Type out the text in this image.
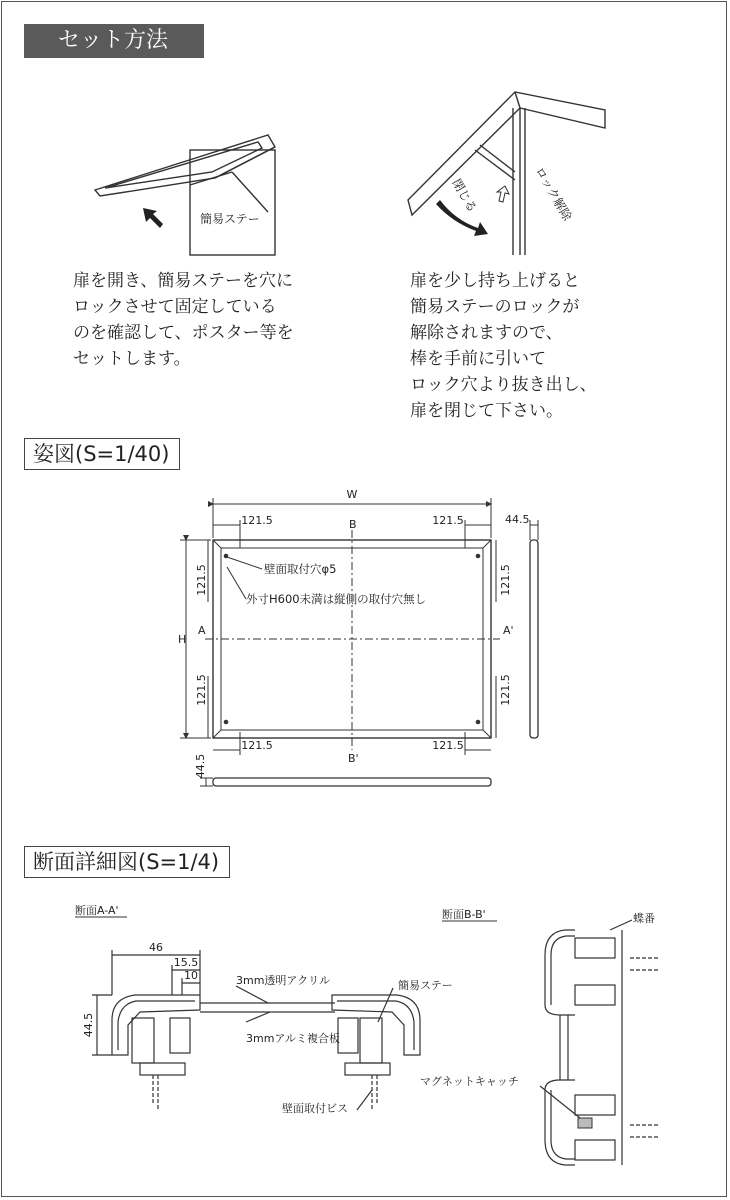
セット方法
扉を開き、簡易ステーを穴に
ロックさせて固定している
のを確認して、ポスター等を
セットします。
扉を少し持ち上げると
簡易ステーのロックが
解除されますので、
棒を手前に引いて
ロック穴より抜き出し、
扉を閉じて下さい。
姿図(S=1/40)
断面詳細図(S=1/4)
簡易ステー
閉じる	ロック解除
W
H
121.5	121.5
121.5	121.5
121.5
121.5
121.5
121.5
44.5
44.5
B
B'
A	A'
壁面取付穴φ5
外寸H600未満は縦側の取付穴無し
断面A-A'
46
15.5
10
44.5
3mm透明アクリル	簡易ステー
3mmアルミ複合板
壁面取付ビス
断面B-B'	蝶番
マグネットキャッチ
